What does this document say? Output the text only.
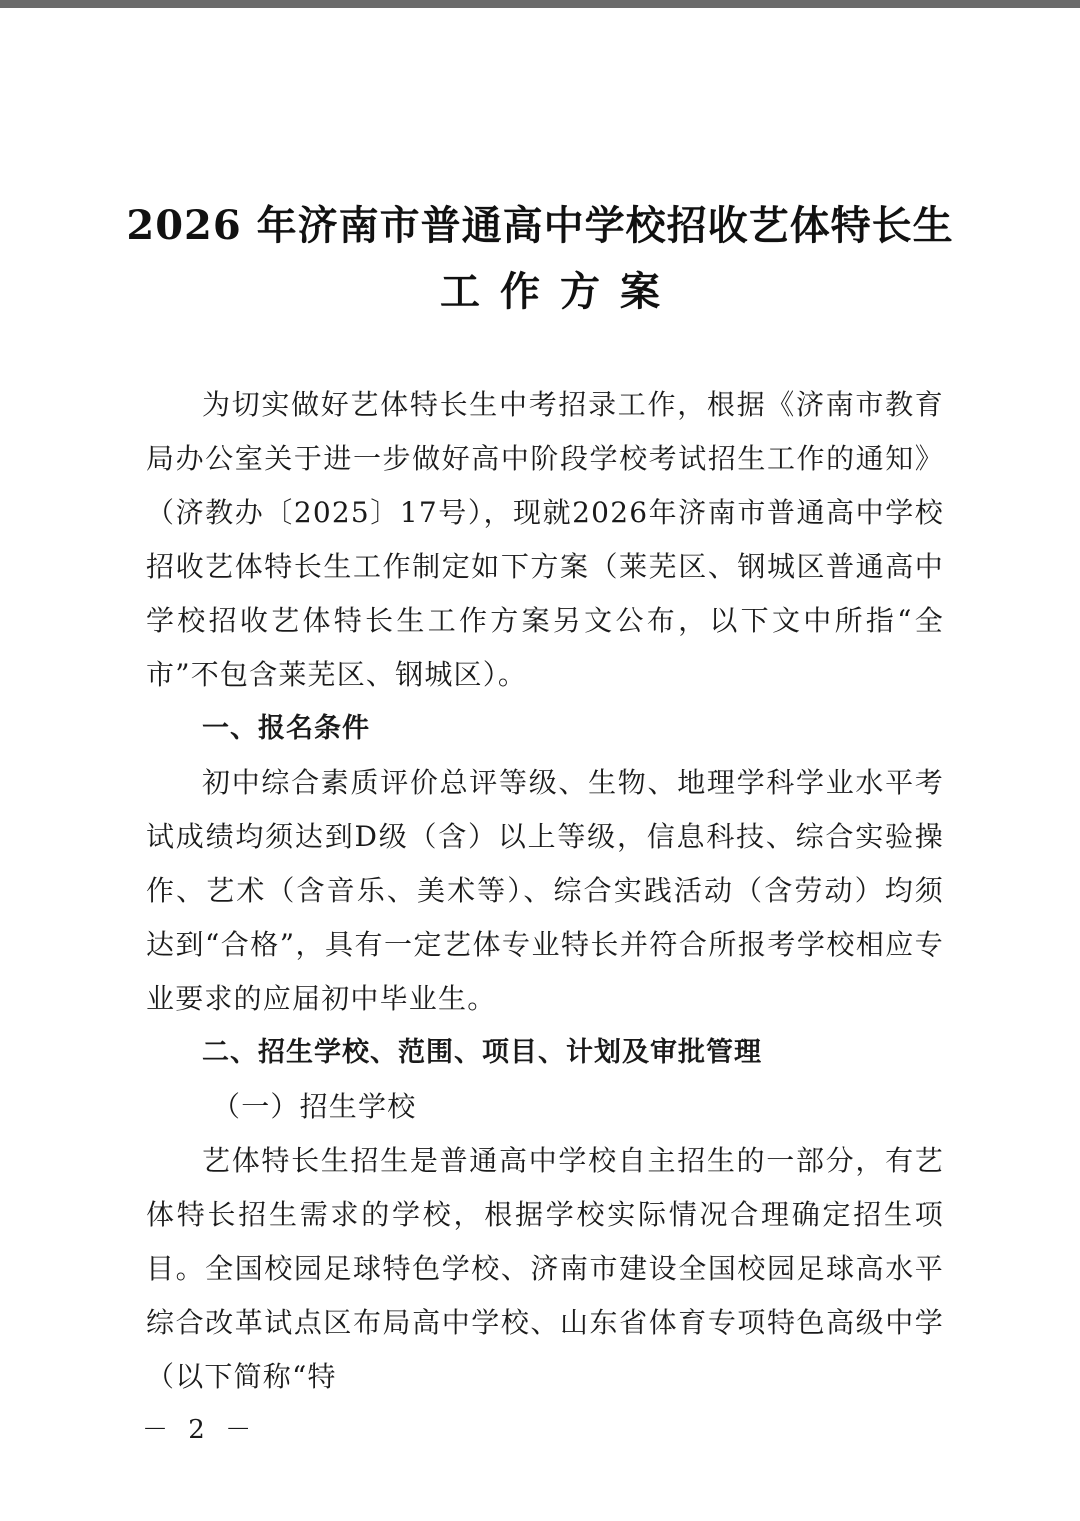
2026 年济南市普通高中学校招收艺体特长生
工作方案

为切实做好艺体特长生中考招录工作，根据《济南市教育局办公室关于进一步做好高中阶段学校考试招生工作的通知》（济教办〔2025〕17号），现就2026年济南市普通高中学校招收艺体特长生工作制定如下方案（莱芜区、钢城区普通高中学校招收艺体特长生工作方案另文公布，以下文中所指“全市”不包含莱芜区、钢城区）。

一、报名条件

初中综合素质评价总评等级、生物、地理学科学业水平考试成绩均须达到D级（含）以上等级，信息科技、综合实验操作、艺术（含音乐、美术等）、综合实践活动（含劳动）均须达到“合格”，具有一定艺体专业特长并符合所报考学校相应专业要求的应届初中毕业生。

二、招生学校、范围、项目、计划及审批管理

（一）招生学校

艺体特长生招生是普通高中学校自主招生的一部分，有艺体特长招生需求的学校，根据学校实际情况合理确定招生项目。全国校园足球特色学校、济南市建设全国校园足球高水平综合改革试点区布局高中学校、山东省体育专项特色高级中学（以下简称“特

－ 2 －
